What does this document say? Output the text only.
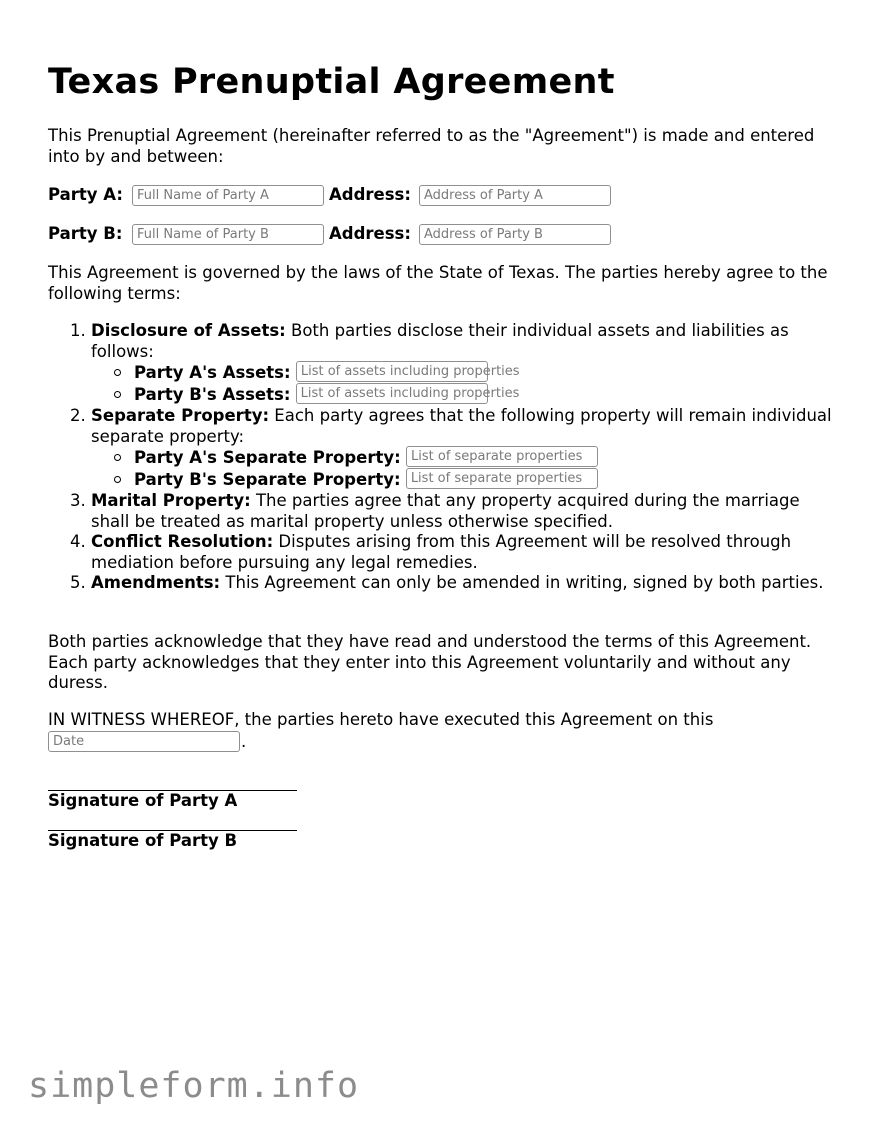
Texas Prenuptial Agreement

This Prenuptial Agreement (hereinafter referred to as the "Agreement") is made and entered into by and between:

Party A:	Full Name of Party A	Address:	Address of Party A
Party B:	Full Name of Party B	Address:	Address of Party B

This Agreement is governed by the laws of the State of Texas. The parties hereby agree to the following terms:

1. Disclosure of Assets: Both parties disclose their individual assets and liabilities as follows:
Party A's Assets: List of assets including properties
Party B's Assets: List of assets including properties
2. Separate Property: Each party agrees that the following property will remain individual separate property:
Party A's Separate Property: List of separate properties
Party B's Separate Property: List of separate properties
3. Marital Property: The parties agree that any property acquired during the marriage shall be treated as marital property unless otherwise specified.
4. Conflict Resolution: Disputes arising from this Agreement will be resolved through mediation before pursuing any legal remedies.
5. Amendments: This Agreement can only be amended in writing, signed by both parties.

Both parties acknowledge that they have read and understood the terms of this Agreement. Each party acknowledges that they enter into this Agreement voluntarily and without any duress.

IN WITNESS WHEREOF, the parties hereto have executed this Agreement on this

Date	.
Signature of Party A
Signature of Party B
simpleform.info
